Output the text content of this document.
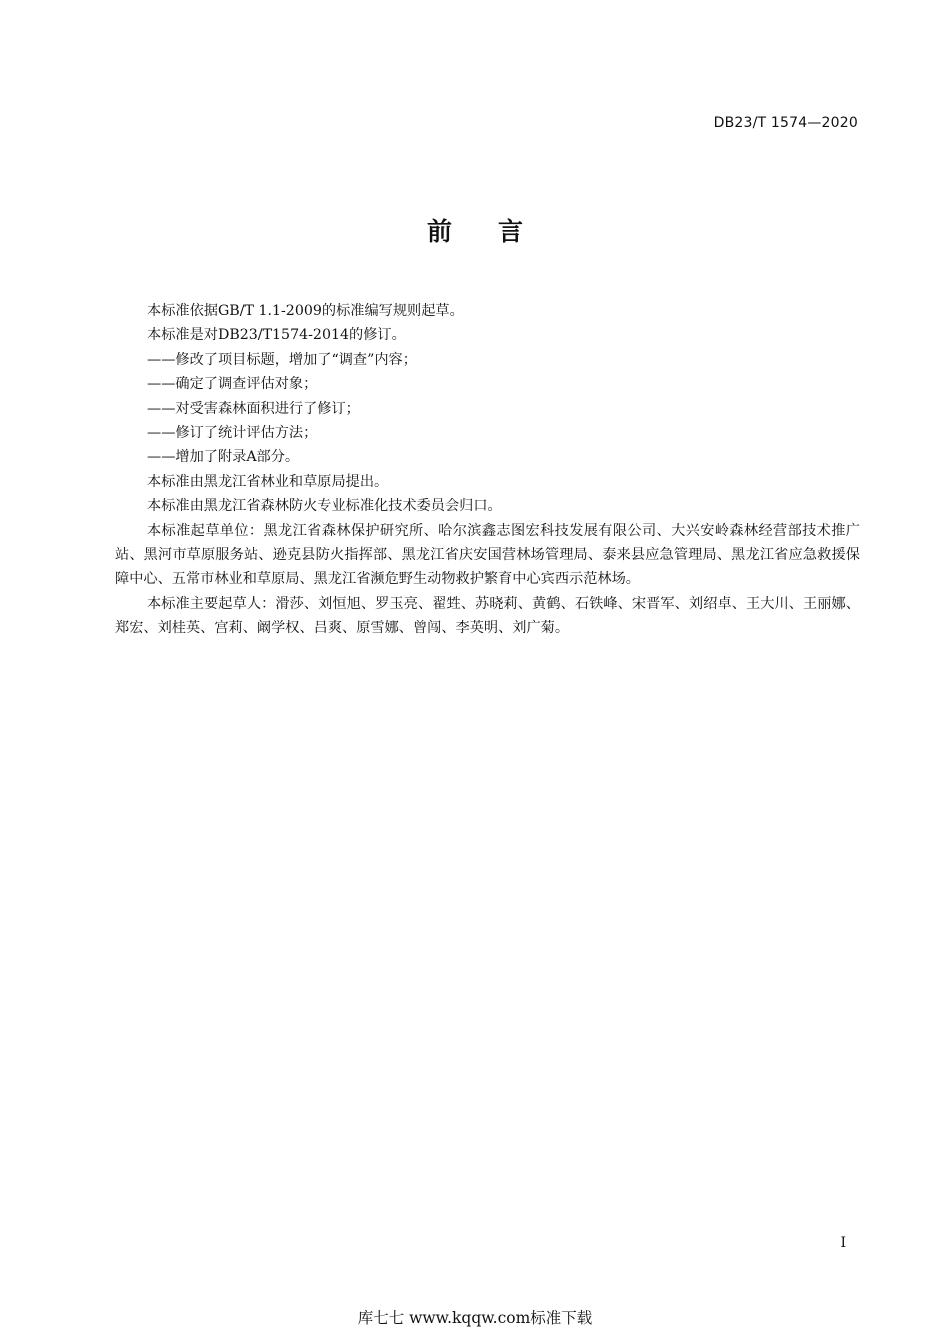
DB23/T 1574—2020
前言

本标准依据GB/T 1.1-2009的标准编写规则起草。

本标准是对DB23/T1574-2014的修订。

——修改了项目标题，增加了“调查”内容；

——确定了调查评估对象；

——对受害森林面积进行了修订；

——修订了统计评估方法；

——增加了附录A部分。

本标准由黑龙江省林业和草原局提出。

本标准由黑龙江省森林防火专业标准化技术委员会归口。

本标准起草单位：黑龙江省森林保护研究所、哈尔滨鑫志图宏科技发展有限公司、大兴安岭森林经营部技术推广站、黑河市草原服务站、逊克县防火指挥部、黑龙江省庆安国营林场管理局、泰来县应急管理局、黑龙江省应急救援保障中心、五常市林业和草原局、黑龙江省濒危野生动物救护繁育中心宾西示范林场。

本标准主要起草人：滑莎、刘恒旭、罗玉亮、翟甡、苏晓莉、黄鹤、石铁峰、宋晋军、刘绍卓、王大川、王丽娜、郑宏、刘桂英、宫莉、阚学权、吕爽、原雪娜、曾闯、李英明、刘广菊。

I
库七七 www.kqqw.com标准下载
